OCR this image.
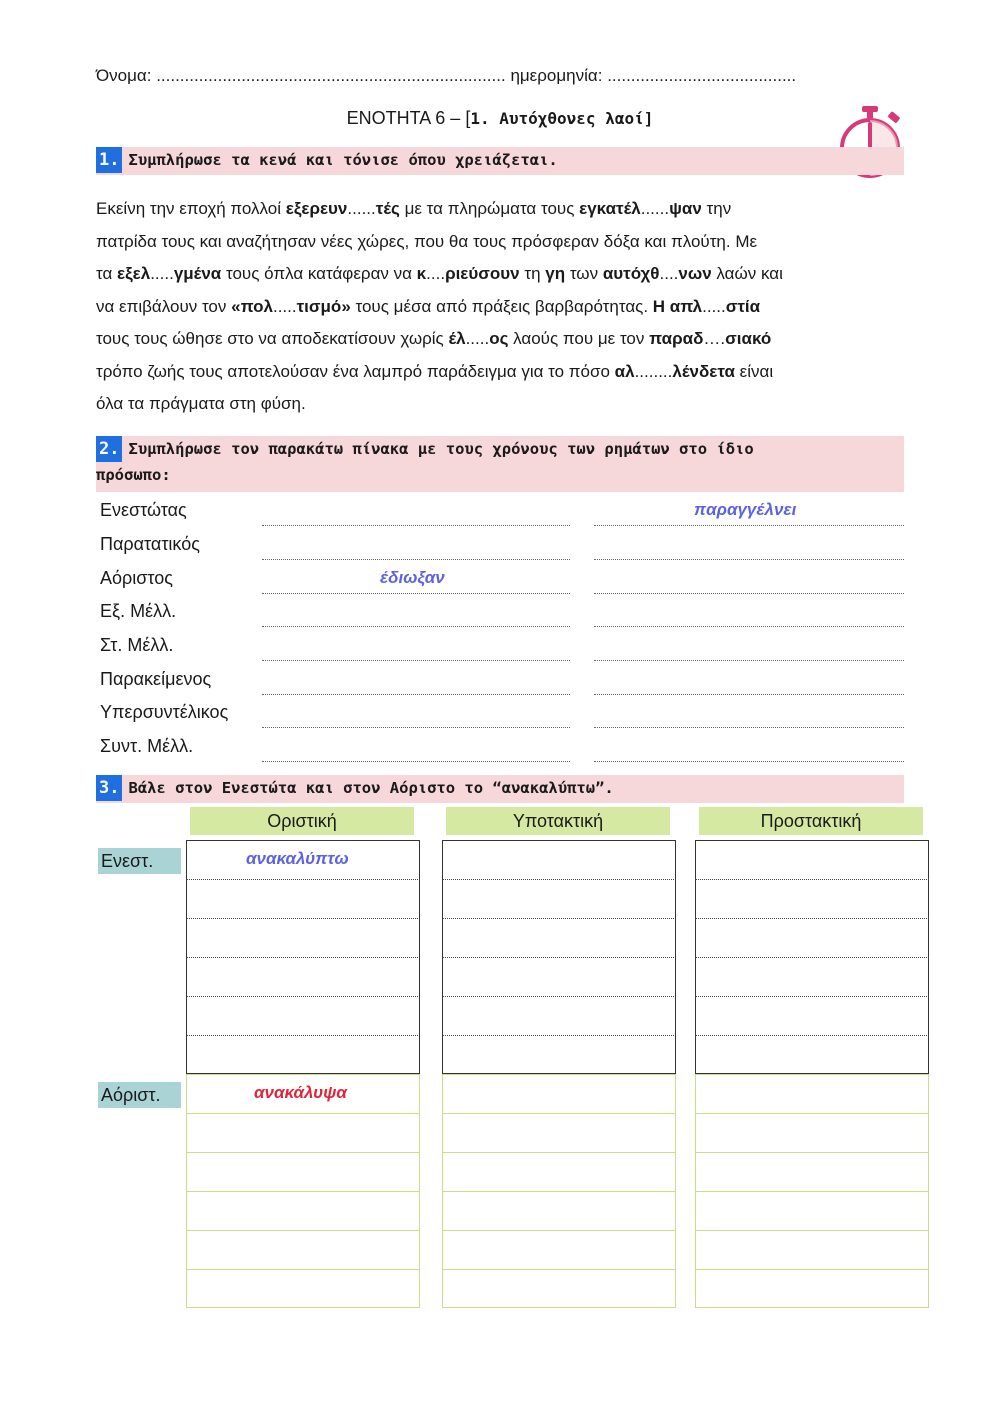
Όνομα: .......................................................................... ημερομηνία: ........................................
ΕΝΟΤΗΤΑ 6 – [1. Αυτόχθονες λαοί]
1. Συμπλήρωσε τα κενά και τόνισε όπου χρειάζεται.
Εκείνη την εποχή πολλοί εξερευν......τές με τα πληρώματα τους εγκατέλ......ψαν την
πατρίδα τους και αναζήτησαν νέες χώρες, που θα τους πρόσφεραν δόξα και πλούτη. Με
τα εξελ.....γμένα τους όπλα κατάφεραν να κ....ριεύσουν τη γη των αυτόχθ....νων λαών και
να επιβάλουν τον «πολ.....τισμό» τους μέσα από πράξεις βαρβαρότητας. Η απλ.....στία
τους τους ώθησε στο να αποδεκατίσουν χωρίς έλ.....ος λαούς που με τον παραδ….σιακό
τρόπο ζωής τους αποτελούσαν ένα λαμπρό παράδειγμα για το πόσο αλ........λένδετα είναι
όλα τα πράγματα στη φύση.
2. Συμπλήρωσε τον παρακάτω πίνακα με τους χρόνους των ρημάτων στο ίδιο
πρόσωπο:
Ενεστώτας
Παρατατικός
Αόριστος
Εξ. Μέλλ.
Στ. Μέλλ.
Παρακείμενος
Υπερσυντέλικος
Συντ. Μέλλ.
παραγγέλνει
έδιωξαν
3. Βάλε στον Ενεστώτα και στον Αόριστο το “ανακαλύπτω”.
Οριστική	Υποτακτική	Προστακτική
Ενεστ.
Αόριστ.
ανακαλύπτω
ανακάλυψα
